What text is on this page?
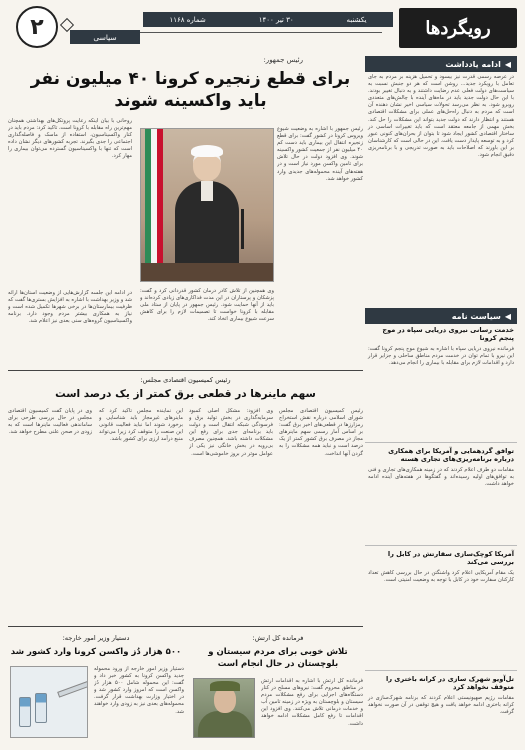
رویگردها
یکشنبه
۳۰ تیر ۱۴۰۰
شماره ۱۱۶۸
سیاسی
۲
◀
ادامه یادداشت
در عرصه رسمی قدرت نیز بیسود و تحمیل هزینه بر مردم به جای تعامل با رویکرد جدید... روشن است که هر دو جنبش نسبت به سیاست‌های دولت فعلی عدم رضایت داشتند و به دنبال تغییر بودند. با این حال دولت جدید باید در ماه‌های آینده با چالش‌های متعددی روبرو شود. به نظر می‌رسد تحولات سیاسی اخیر نشان دهنده آن است که مردم به دنبال راه‌حل‌های عملی برای مشکلات اقتصادی هستند و انتظار دارند که دولت جدید بتواند این مشکلات را حل کند. بخش مهمی از جامعه معتقد است که باید تغییرات اساسی در ساختار اقتصادی کشور ایجاد شود تا بتوان از بحران‌های کنونی عبور کرد و به توسعه پایدار دست یافت. این در حالی است که کارشناسان بر این باورند که اصلاحات باید به صورت تدریجی و با برنامه‌ریزی دقیق انجام شود.
◀
سیاست نامه
خدمت رسانی نیروی دریایی سپاه در موج پنجم کرونا
فرمانده نیروی دریایی سپاه با اشاره به شیوع موج پنجم کرونا گفت: این نیرو با تمام توان در خدمت مردم مناطق ساحلی و جزایر قرار دارد و اقدامات لازم برای مقابله با بیماری را انجام می‌دهد.
توافق گردهمایی و آمریکا برای همکاری درباره برنامه‌ریزی‌های تجاری هسته
مقامات دو طرف اعلام کردند که در زمینه همکاری‌های تجاری و فنی به توافق‌های اولیه رسیده‌اند و گفتگوها در هفته‌های آینده ادامه خواهد داشت.
آمریکا کوچک‌سازی سفارتش در کابل را بررسی می‌کند
یک مقام آمریکایی اعلام کرد واشنگتن در حال بررسی کاهش تعداد کارکنان سفارت خود در کابل با توجه به وضعیت امنیتی است.
تل‌آویو شهرک سازی در کرانه باختری را متوقف نخواهد کرد
مقامات رژیم صهیونیستی اعلام کردند که برنامه شهرک‌سازی در کرانه باختری ادامه خواهد یافت و هیچ توقفی در آن صورت نخواهد گرفت.
رئیس جمهور:
برای قطع زنجیره کرونا ۴۰ میلیون نفر باید واکسینه شوند
رئیس جمهور با اشاره به وضعیت شیوع ویروس کرونا در کشور گفت: برای قطع زنجیره انتقال این بیماری باید دست کم ۴۰ میلیون نفر از جمعیت کشور واکسینه شوند. وی افزود دولت در حال تلاش برای تامین واکسن مورد نیاز است و در هفته‌های آینده محموله‌های جدیدی وارد کشور خواهد شد.
روحانی با بیان اینکه رعایت پروتکل‌های بهداشتی همچنان مهم‌ترین راه مقابله با کرونا است، تاکید کرد: مردم باید در کنار واکسیناسیون، استفاده از ماسک و فاصله‌گذاری اجتماعی را جدی بگیرند. تجربه کشورهای دیگر نشان داده است که تنها با واکسیناسیون گسترده می‌توان بیماری را مهار کرد.
وی همچنین از تلاش کادر درمان کشور قدردانی کرد و گفت: پزشکان و پرستاران در این مدت فداکاری‌های زیادی کرده‌اند و باید از آنها حمایت شود. رئیس جمهور در پایان از ستاد ملی مقابله با کرونا خواست تا تصمیمات لازم را برای کاهش سرعت شیوع بیماری اتخاذ کند.
در ادامه این جلسه گزارش‌هایی از وضعیت استان‌ها ارائه شد و وزیر بهداشت با اشاره به افزایش بستری‌ها گفت که ظرفیت بیمارستان‌ها در برخی شهرها تکمیل شده است و نیاز به همکاری بیشتر مردم وجود دارد. برنامه واکسیناسیون گروه‌های سنی بعدی نیز اعلام شد.
رئیس کمیسیون اقتصادی مجلس:
سهم ماینرها در قطعی برق کمتر از یک درصد است
رئیس کمیسیون اقتصادی مجلس شورای اسلامی درباره نقش استخراج رمزارزها در قطعی‌های اخیر برق گفت: بر اساس آمار رسمی سهم ماینرهای مجاز در مصرف برق کشور کمتر از یک درصد است و نباید همه مشکلات را به گردن آنها انداخت.
وی افزود: مشکل اصلی کمبود سرمایه‌گذاری در بخش تولید برق و فرسودگی شبکه انتقال است و دولت باید برنامه‌ای جدی برای رفع این مشکلات داشته باشد. همچنین مصرف بی‌رویه در بخش خانگی نیز یکی از عوامل موثر در بروز خاموشی‌ها است.
این نماینده مجلس تاکید کرد که ماینرهای غیرمجاز باید شناسایی و برخورد شوند اما نباید فعالیت قانونی این صنعت را متوقف کرد زیرا می‌تواند منبع درآمد ارزی برای کشور باشد.
وی در پایان گفت کمیسیون اقتصادی مجلس در حال بررسی طرحی برای ساماندهی فعالیت ماینرها است که به زودی در صحن علنی مطرح خواهد شد.
فرمانده کل ارتش:
تلاش خوبی برای مردم سیستان و بلوچستان در حال انجام است
فرمانده کل ارتش با اشاره به اقدامات ارتش در مناطق محروم گفت: نیروهای مسلح در کنار دستگاه‌های اجرایی برای رفع مشکلات مردم سیستان و بلوچستان به ویژه در زمینه تامین آب و خدمات درمانی تلاش می‌کنند. وی افزود این اقدامات تا رفع کامل مشکلات ادامه خواهد داشت.
دستیار وزیر امور خارجه:
۵۰۰ هزار دُز واکسن کرونا وارد کشور شد
دستیار وزیر امور خارجه از ورود محموله جدید واکسن کرونا به کشور خبر داد و گفت: این محموله شامل ۵۰۰ هزار دُز واکسن است که امروز وارد کشور شد و در اختیار وزارت بهداشت قرار گرفت. محموله‌های بعدی نیز به زودی وارد خواهند شد.
